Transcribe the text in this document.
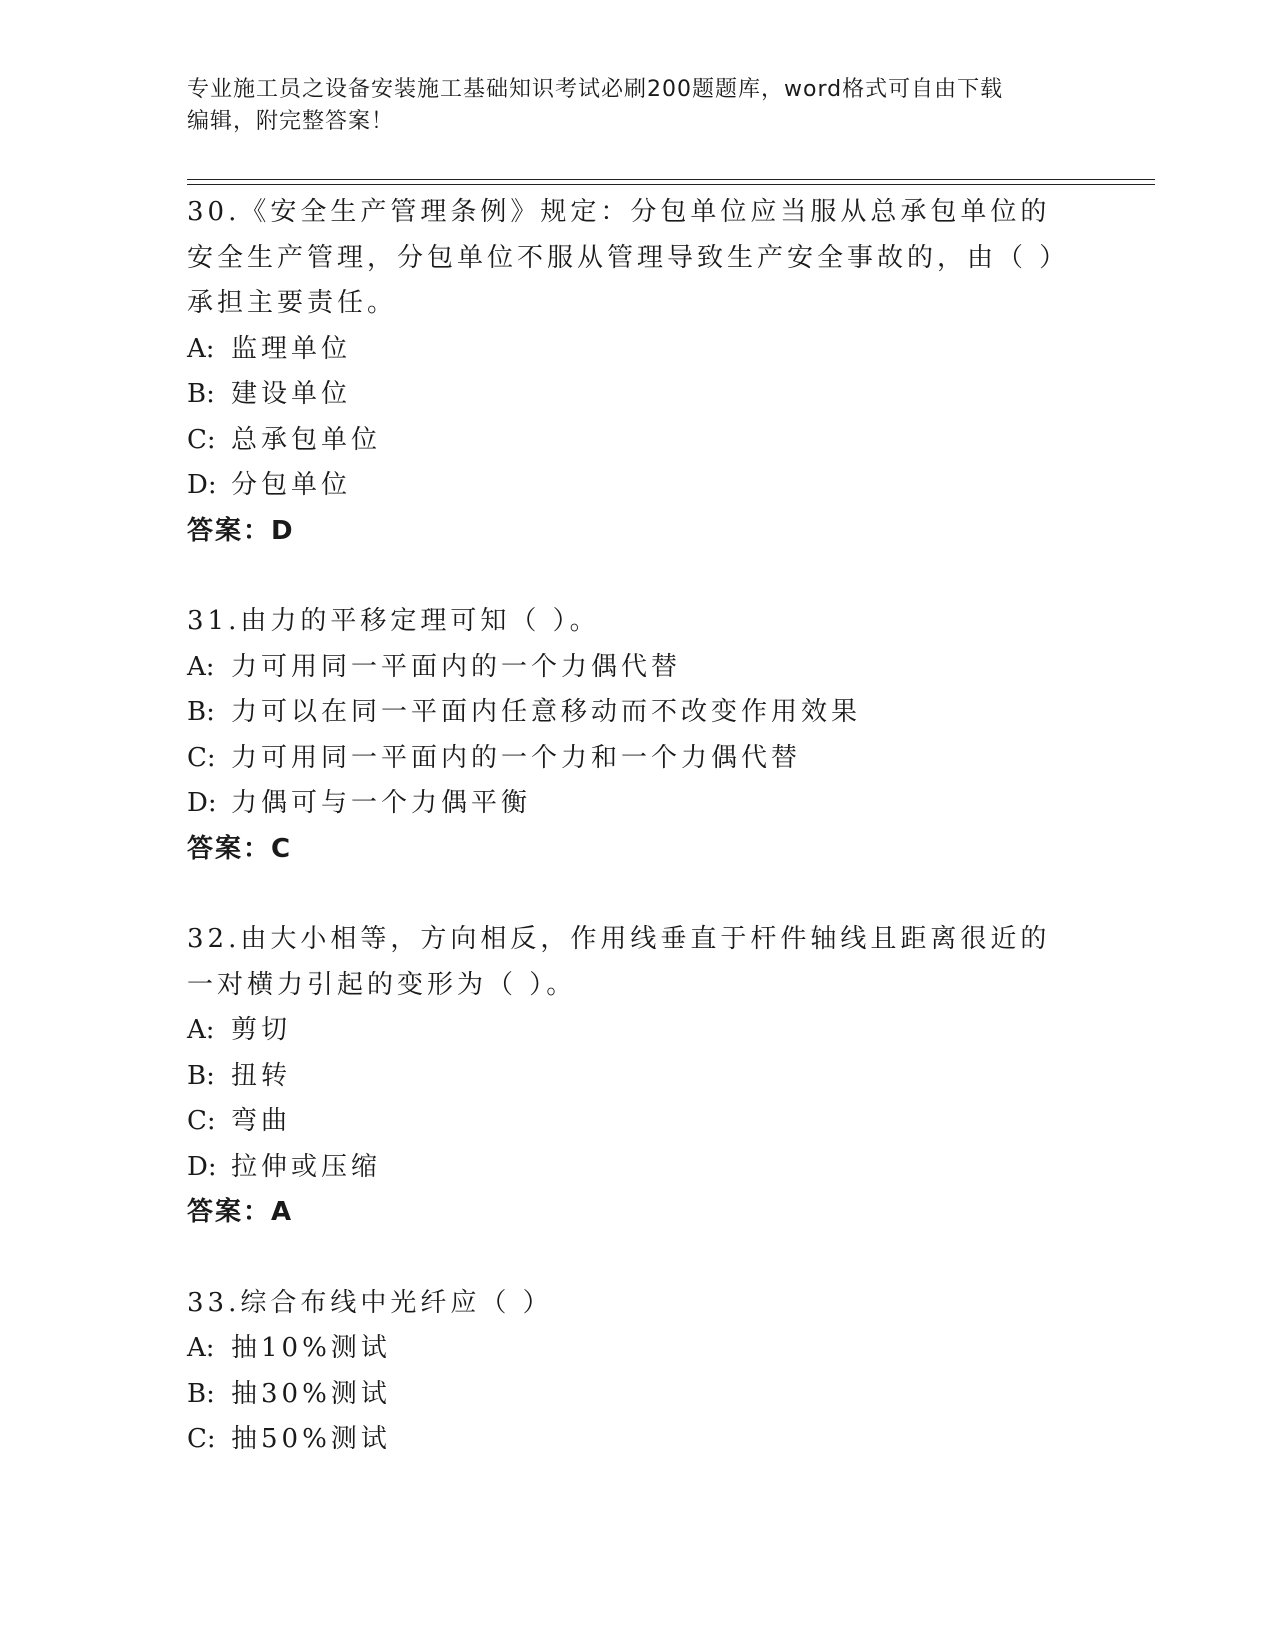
专业施工员之设备安装施工基础知识考试必刷200题题库，word格式可自由下载
编辑，附完整答案！

30.《安全生产管理条例》规定：分包单位应当服从总承包单位的安全生产管理，分包单位不服从管理导致生产安全事故的，由（ ）承担主要责任。

A: 监理单位

B: 建设单位

C: 总承包单位

D: 分包单位

答案：D

31.由力的平移定理可知（ ）。

A: 力可用同一平面内的一个力偶代替

B: 力可以在同一平面内任意移动而不改变作用效果

C: 力可用同一平面内的一个力和一个力偶代替

D: 力偶可与一个力偶平衡

答案：C

32.由大小相等，方向相反，作用线垂直于杆件轴线且距离很近的一对横力引起的变形为（ ）。

A: 剪切

B: 扭转

C: 弯曲

D: 拉伸或压缩

答案：A

33.综合布线中光纤应（ ）

A: 抽10%测试

B: 抽30%测试

C: 抽50%测试
